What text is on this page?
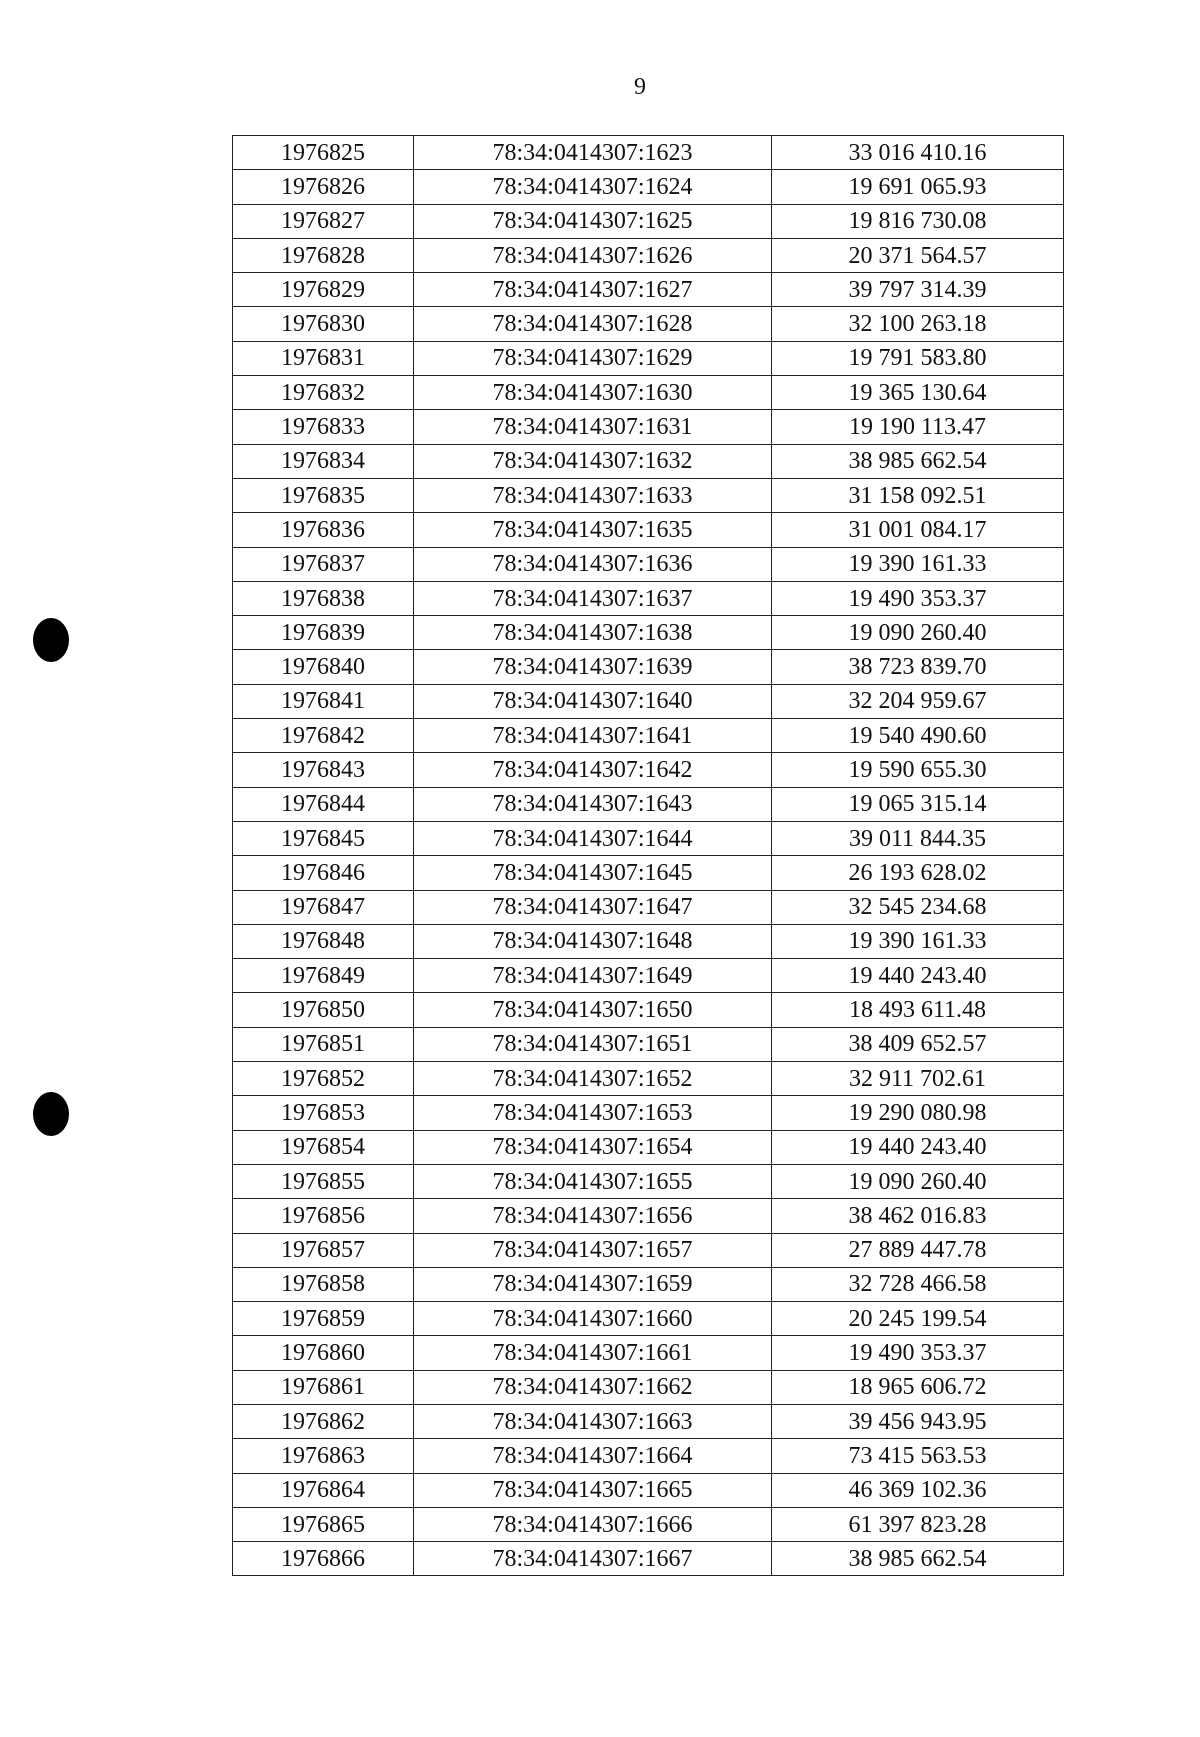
9
1976825	78:34:0414307:1623	33 016 410.16
1976826	78:34:0414307:1624	19 691 065.93
1976827	78:34:0414307:1625	19 816 730.08
1976828	78:34:0414307:1626	20 371 564.57
1976829	78:34:0414307:1627	39 797 314.39
1976830	78:34:0414307:1628	32 100 263.18
1976831	78:34:0414307:1629	19 791 583.80
1976832	78:34:0414307:1630	19 365 130.64
1976833	78:34:0414307:1631	19 190 113.47
1976834	78:34:0414307:1632	38 985 662.54
1976835	78:34:0414307:1633	31 158 092.51
1976836	78:34:0414307:1635	31 001 084.17
1976837	78:34:0414307:1636	19 390 161.33
1976838	78:34:0414307:1637	19 490 353.37
1976839	78:34:0414307:1638	19 090 260.40
1976840	78:34:0414307:1639	38 723 839.70
1976841	78:34:0414307:1640	32 204 959.67
1976842	78:34:0414307:1641	19 540 490.60
1976843	78:34:0414307:1642	19 590 655.30
1976844	78:34:0414307:1643	19 065 315.14
1976845	78:34:0414307:1644	39 011 844.35
1976846	78:34:0414307:1645	26 193 628.02
1976847	78:34:0414307:1647	32 545 234.68
1976848	78:34:0414307:1648	19 390 161.33
1976849	78:34:0414307:1649	19 440 243.40
1976850	78:34:0414307:1650	18 493 611.48
1976851	78:34:0414307:1651	38 409 652.57
1976852	78:34:0414307:1652	32 911 702.61
1976853	78:34:0414307:1653	19 290 080.98
1976854	78:34:0414307:1654	19 440 243.40
1976855	78:34:0414307:1655	19 090 260.40
1976856	78:34:0414307:1656	38 462 016.83
1976857	78:34:0414307:1657	27 889 447.78
1976858	78:34:0414307:1659	32 728 466.58
1976859	78:34:0414307:1660	20 245 199.54
1976860	78:34:0414307:1661	19 490 353.37
1976861	78:34:0414307:1662	18 965 606.72
1976862	78:34:0414307:1663	39 456 943.95
1976863	78:34:0414307:1664	73 415 563.53
1976864	78:34:0414307:1665	46 369 102.36
1976865	78:34:0414307:1666	61 397 823.28
1976866	78:34:0414307:1667	38 985 662.54
